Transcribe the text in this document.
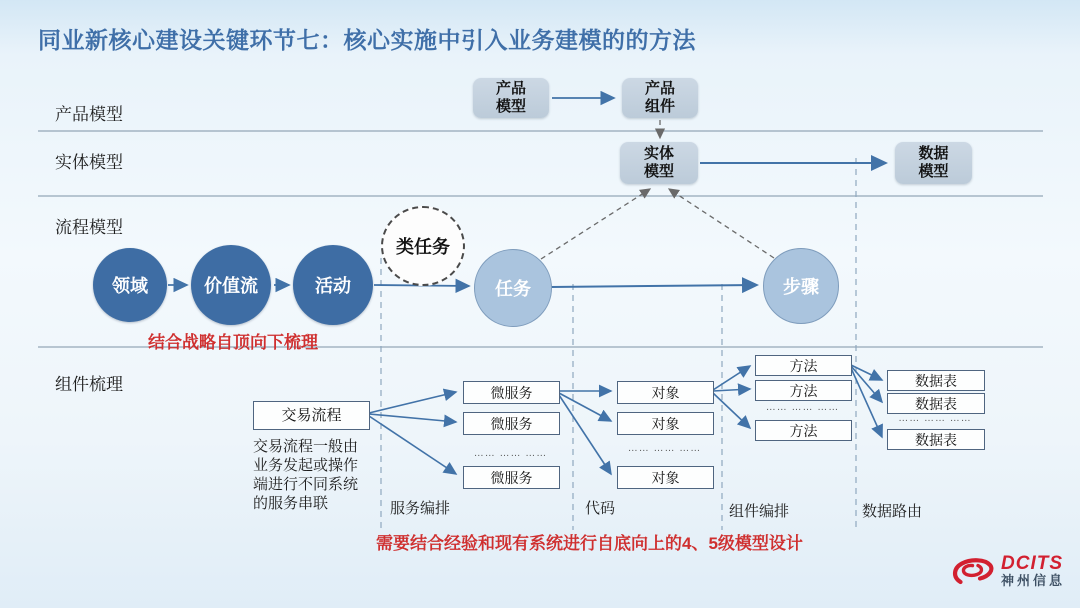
同业新核心建设关键环节七：核心实施中引入业务建模的的方法
产品模型
实体模型
流程模型
组件梳理
产品模型
产品组件
实体模型
数据模型
领域	价值流	活动
类任务
任务	步骤
结合战略自顶向下梳理
需要结合经验和现有系统进行自底向上的4、5级模型设计
交易流程
交易流程一般由业务发起或操作端进行不同系统的服务串联
微服务
微服务
…… …… ……
微服务
对象
对象
…… …… ……
对象
方法
方法
…… …… ……
方法
数据表
数据表
…… …… ……
数据表
服务编排	代码	组件编排	数据路由
DCITS
神州信息
